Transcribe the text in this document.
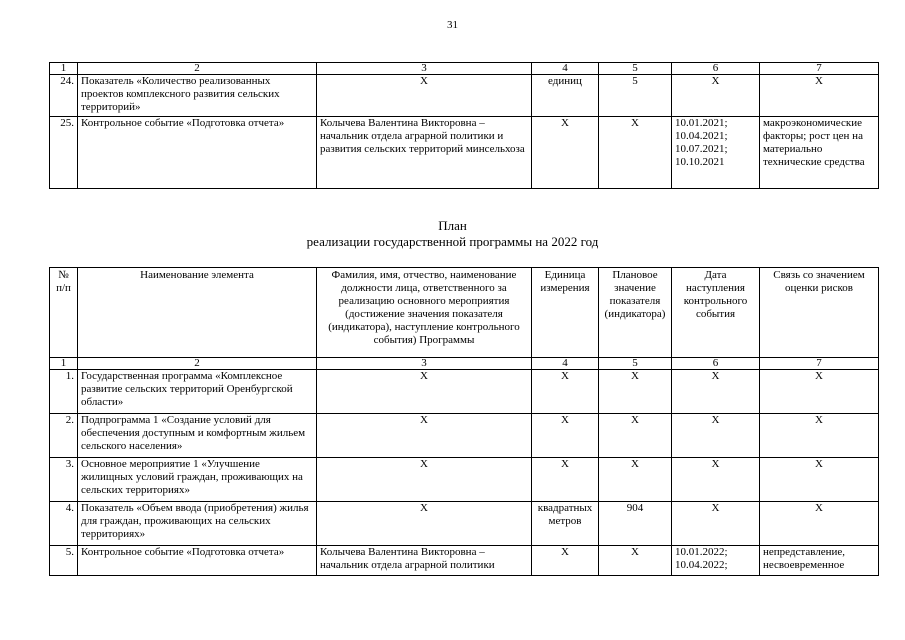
31
1	2	3	4	5	6	7
24.	Показатель «Количество реализованных проектов комплексного развития сельских территорий»	X	единиц	5	X	X
25.	Контрольное событие «Подготовка отчета»	Колычева Валентина Викторовна – начальник отдела аграрной политики и развития сельских территорий минсельхоза	X	X	10.01.2021; 10.04.2021; 10.07.2021; 10.10.2021	макроэкономические факторы; рост цен на материально технические средства
План
реализации государственной программы на 2022 год
№ п/п	Наименование элемента	Фамилия, имя, отчество, наименование должности лица, ответственного за реализацию основного мероприятия (достижение значения показателя (индикатора), наступление контрольного события) Программы	Единица измерения	Плановое значение показателя (индикатора)	Дата наступления контрольного события	Связь со значением оценки рисков
1	2	3	4	5	6	7
1.	Государственная программа «Комплексное развитие сельских территорий Оренбургской области»	X	X	X	X	X
2.	Подпрограмма 1 «Создание условий для обеспечения доступным и комфортным жильем сельского населения»	X	X	X	X	X
3.	Основное мероприятие 1 «Улучшение жилищных условий граждан, проживающих на сельских территориях»	X	X	X	X	X
4.	Показатель «Объем ввода (приобретения) жилья для граждан, проживающих на сельских территориях»	X	квадратных метров	904	X	X
5.	Контрольное событие «Подготовка отчета»	Колычева Валентина Викторовна – начальник отдела аграрной политики	X	X	10.01.2022; 10.04.2022;	непредставление, несвоевременное
